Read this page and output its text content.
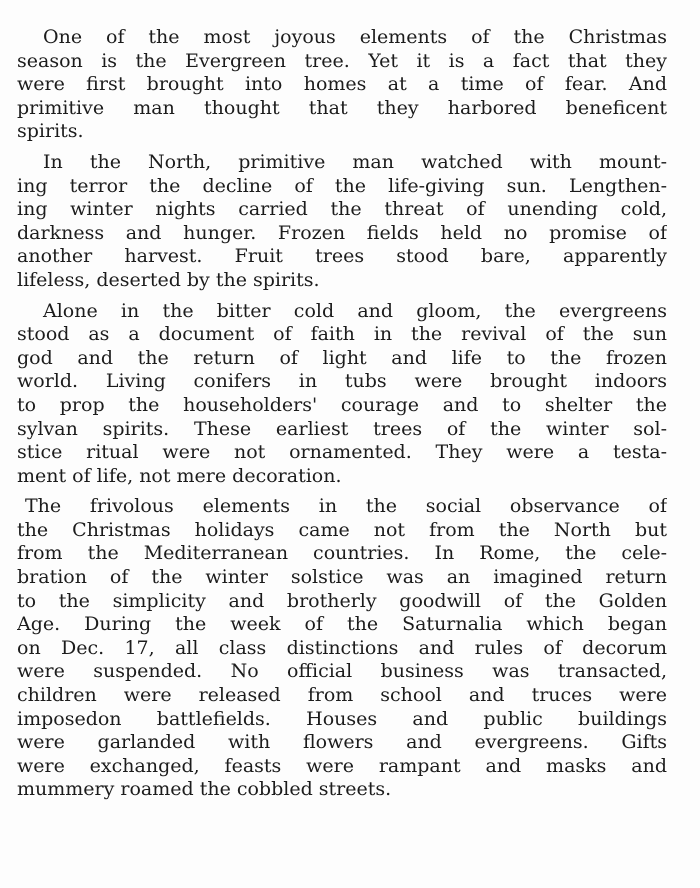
One of the most joyous elements of the Christmas
season is the Evergreen tree. Yet it is a fact that they
were first brought into homes at a time of fear. And
primitive man thought that they harbored beneficent
spirits.
In the North, primitive man watched with mount-
ing terror the decline of the life-giving sun. Lengthen-
ing winter nights carried the threat of unending cold,
darkness and hunger. Frozen fields held no promise of
another harvest. Fruit trees stood bare, apparently
lifeless, deserted by the spirits.
Alone in the bitter cold and gloom, the evergreens
stood as a document of faith in the revival of the sun
god and the return of light and life to the frozen
world. Living conifers in tubs were brought indoors
to prop the householders' courage and to shelter the
sylvan spirits. These earliest trees of the winter sol-
stice ritual were not ornamented. They were a testa-
ment of life, not mere decoration.
The frivolous elements in the social observance of
the Christmas holidays came not from the North but
from the Mediterranean countries. In Rome, the cele-
bration of the winter solstice was an imagined return
to the simplicity and brotherly goodwill of the Golden
Age. During the week of the Saturnalia which began
on Dec. 17, all class distinctions and rules of decorum
were suspended. No official business was transacted,
children were released from school and truces were
imposedon battlefields. Houses and public buildings
were garlanded with flowers and evergreens. Gifts
were exchanged, feasts were rampant and masks and
mummery roamed the cobbled streets.
